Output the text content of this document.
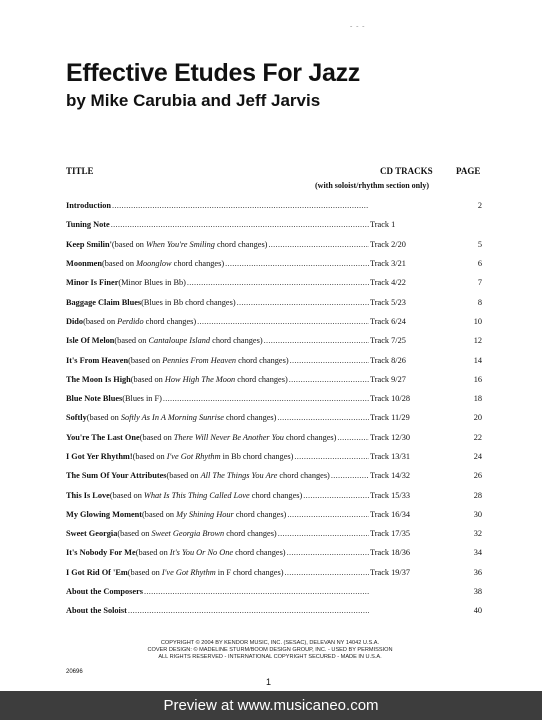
- - -
Effective Etudes For Jazz
by Mike Carubia and Jeff Jarvis
TITLE	CD TRACKS	PAGE
(with soloist/rhythm section only)
Introduction .....	2
Tuning Note .....	Track 1
Keep Smilin' (based on When You're Smiling chord changes) .....	Track 2/20	5
Moonmen (based on Moonglow chord changes) .....	Track 3/21	6
Minor Is Finer (Minor Blues in Bb) .....	Track 4/22	7
Baggage Claim Blues (Blues in Bb chord changes) .....	Track 5/23	8
Dido (based on Perdido chord changes) .....	Track 6/24	10
Isle Of Melon (based on Cantaloupe Island chord changes) .....	Track 7/25	12
It's From Heaven (based on Pennies From Heaven chord changes) .....	Track 8/26	14
The Moon Is High (based on How High The Moon chord changes) .....	Track 9/27	16
Blue Note Blues (Blues in F) .....	Track 10/28	18
Softly (based on Softly As In A Morning Sunrise chord changes) .....	Track 11/29	20
You're The Last One (based on There Will Never Be Another You chord changes) .....	Track 12/30	22
I Got Yer Rhythm! (based on I've Got Rhythm in Bb chord changes) .....	Track 13/31	24
The Sum Of Your Attributes (based on All The Things You Are chord changes) .....	Track 14/32	26
This Is Love (based on What Is This Thing Called Love chord changes) .....	Track 15/33	28
My Glowing Moment (based on My Shining Hour chord changes) .....	Track 16/34	30
Sweet Georgia (based on Sweet Georgia Brown chord changes) .....	Track 17/35	32
It's Nobody For Me (based on It's You Or No One chord changes) .....	Track 18/36	34
I Got Rid Of 'Em (based on I've Got Rhythm in F chord changes) .....	Track 19/37	36
About the Composers .....	38
About the Soloist .....	40
COPYRIGHT © 2004 BY KENDOR MUSIC, INC. (SESAC), DELEVAN NY 14042 U.S.A.
COVER DESIGN: © MADELINE STURM/BOOM DESIGN GROUP, INC. - USED BY PERMISSION
ALL RIGHTS RESERVED - INTERNATIONAL COPYRIGHT SECURED - MADE IN U.S.A.
20696
1
Preview at www.musicaneo.com
